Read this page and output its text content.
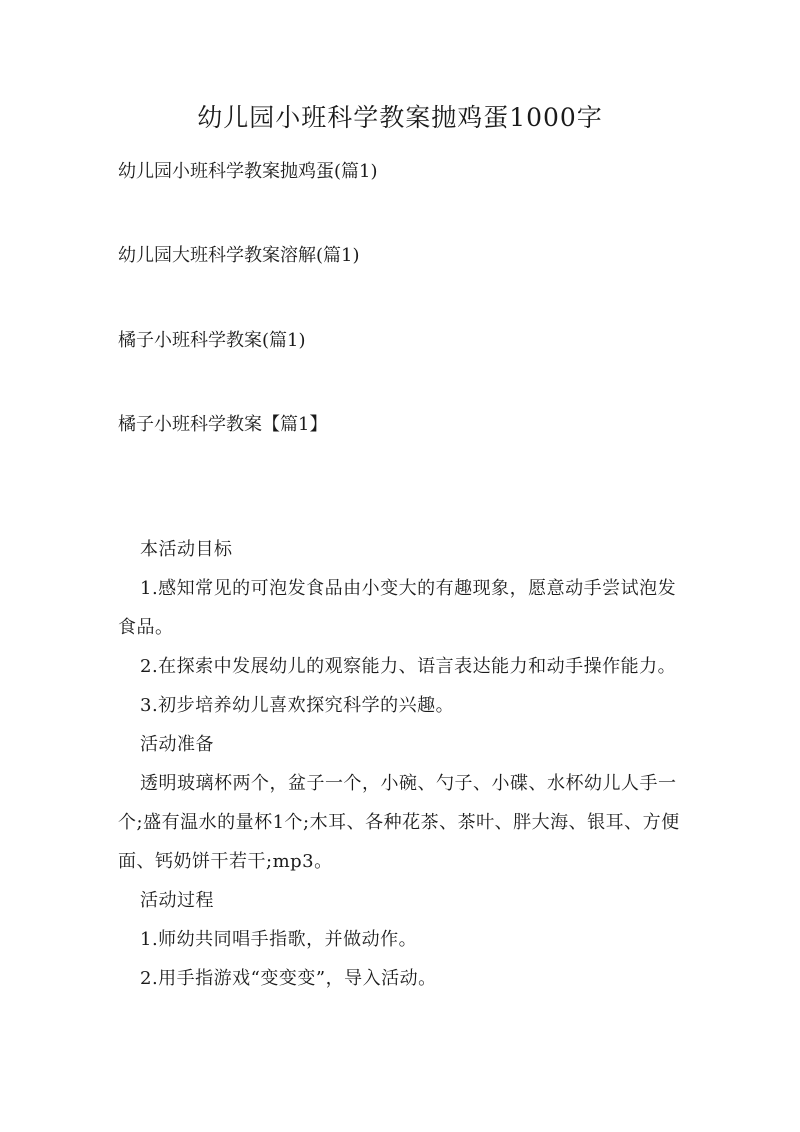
幼儿园小班科学教案抛鸡蛋1000字

幼儿园小班科学教案抛鸡蛋(篇1)

幼儿园大班科学教案溶解(篇1)

橘子小班科学教案(篇1)

橘子小班科学教案【篇1】

本活动目标

1.感知常见的可泡发食品由小变大的有趣现象，愿意动手尝试泡发食品。

2.在探索中发展幼儿的观察能力、语言表达能力和动手操作能力。

3.初步培养幼儿喜欢探究科学的兴趣。

活动准备

透明玻璃杯两个，盆子一个，小碗、勺子、小碟、水杯幼儿人手一个;盛有温水的量杯1个;木耳、各种花茶、茶叶、胖大海、银耳、方便面、钙奶饼干若干;mp3。

活动过程

1.师幼共同唱手指歌，并做动作。

2.用手指游戏“变变变”，导入活动。
